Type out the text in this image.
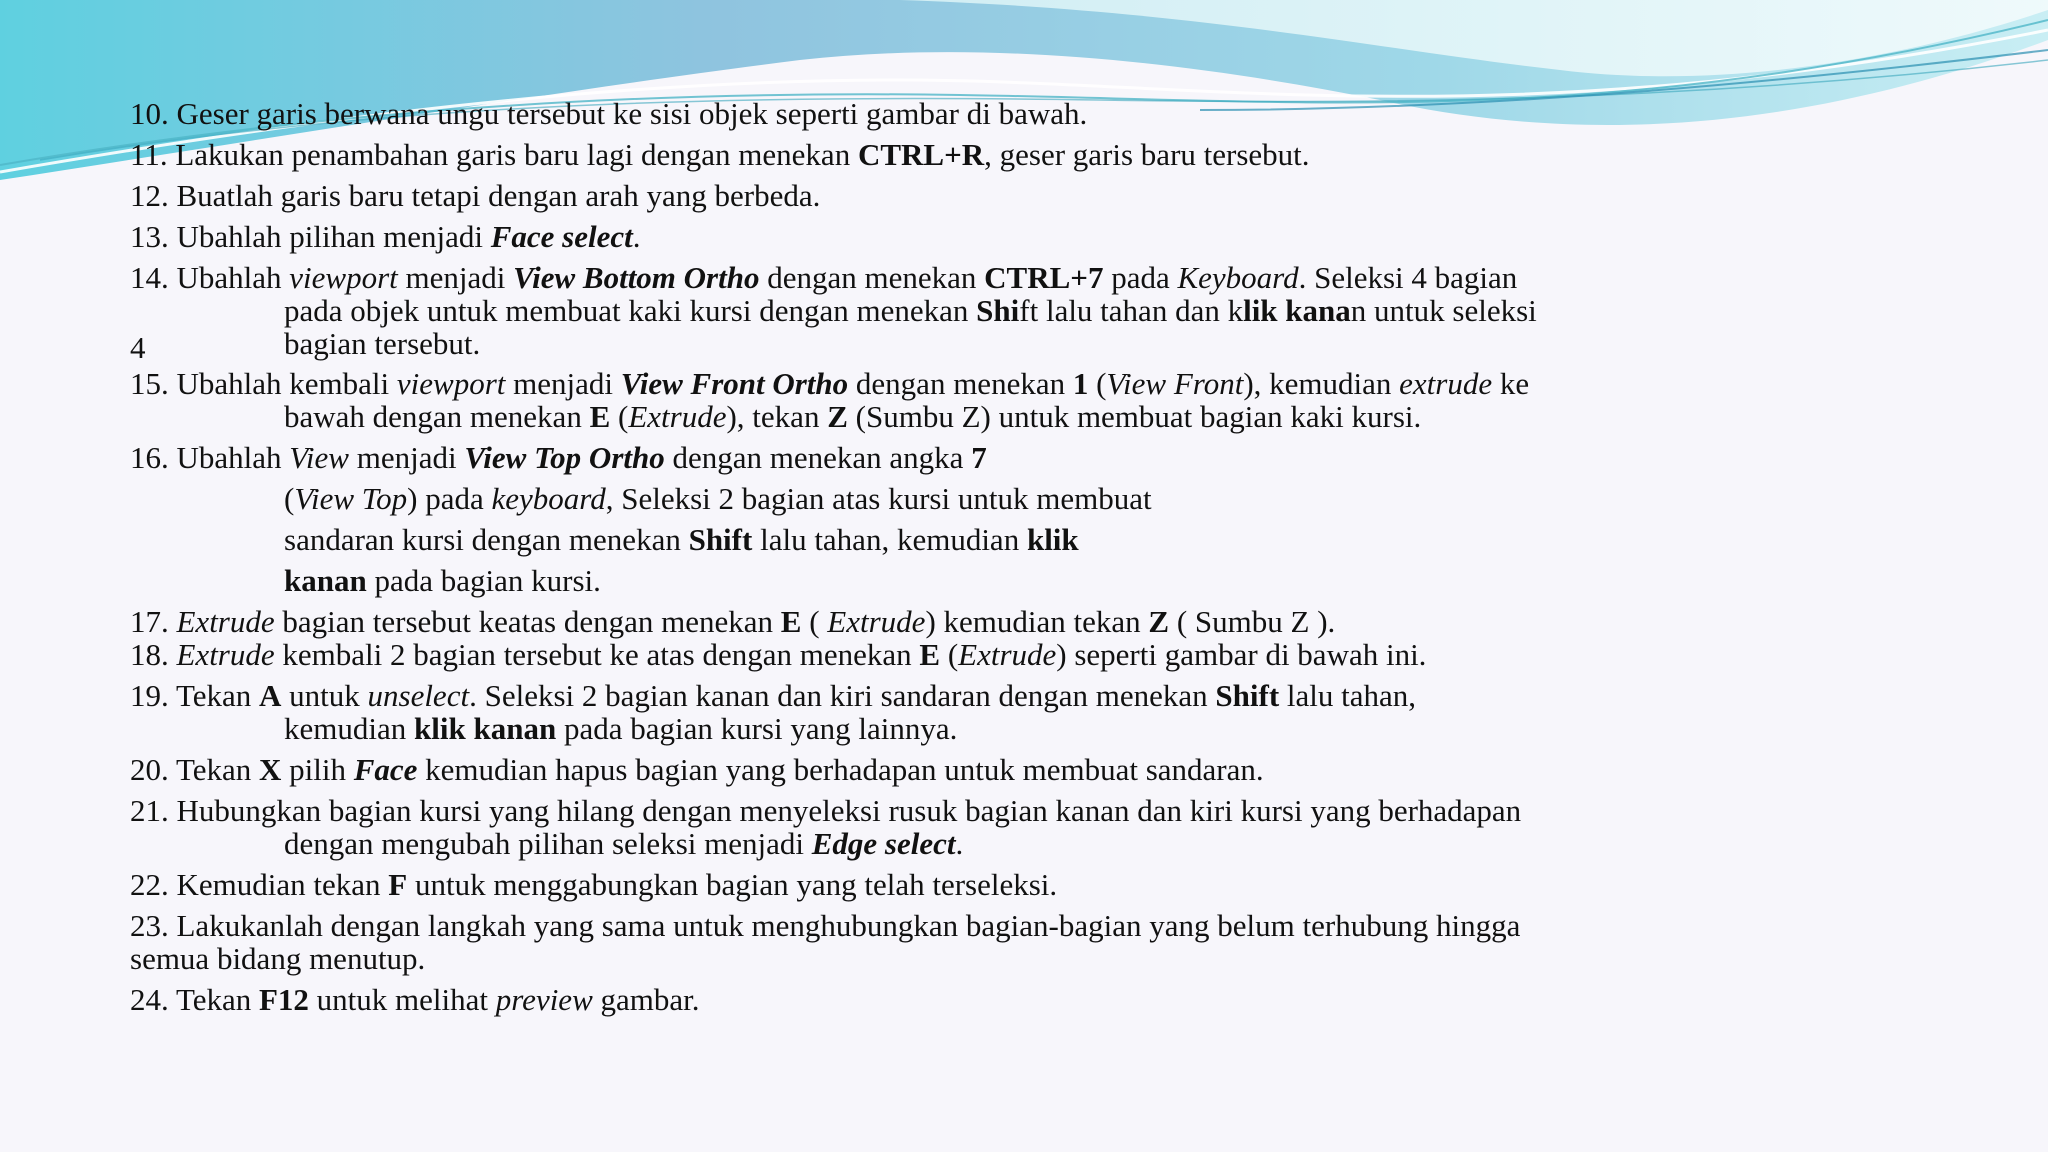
10. Geser garis berwana ungu tersebut ke sisi objek seperti gambar di bawah.
11. Lakukan penambahan garis baru lagi dengan menekan CTRL+R, geser garis baru tersebut.
12. Buatlah garis baru tetapi dengan arah yang berbeda.
13. Ubahlah pilihan menjadi Face select.
14. Ubahlah viewport menjadi View Bottom Ortho dengan menekan CTRL+7 pada Keyboard. Seleksi 4 bagian
pada objek untuk membuat kaki kursi dengan menekan Shift lalu tahan dan klik kanan untuk seleksi
bagian tersebut.
15. Ubahlah kembali viewport menjadi View Front Ortho dengan menekan 1 (View Front), kemudian extrude ke
bawah dengan menekan E (Extrude), tekan Z (Sumbu Z) untuk membuat bagian kaki kursi.
16. Ubahlah View menjadi View Top Ortho dengan menekan angka 7
(View Top) pada keyboard, Seleksi 2 bagian atas kursi untuk membuat
sandaran kursi dengan menekan Shift lalu tahan, kemudian klik
kanan pada bagian kursi.
17. Extrude bagian tersebut keatas dengan menekan E ( Extrude) kemudian tekan Z ( Sumbu Z ).
18. Extrude kembali 2 bagian tersebut ke atas dengan menekan E (Extrude) seperti gambar di bawah ini.
19. Tekan A untuk unselect. Seleksi 2 bagian kanan dan kiri sandaran dengan menekan Shift lalu tahan,
kemudian klik kanan pada bagian kursi yang lainnya.
20. Tekan X pilih Face kemudian hapus bagian yang berhadapan untuk membuat sandaran.
21. Hubungkan bagian kursi yang hilang dengan menyeleksi rusuk bagian kanan dan kiri kursi yang berhadapan
dengan mengubah pilihan seleksi menjadi Edge select.
22. Kemudian tekan F untuk menggabungkan bagian yang telah terseleksi.
23. Lakukanlah dengan langkah yang sama untuk menghubungkan bagian-bagian yang belum terhubung hingga
semua bidang menutup.
24. Tekan F12 untuk melihat preview gambar.
4
